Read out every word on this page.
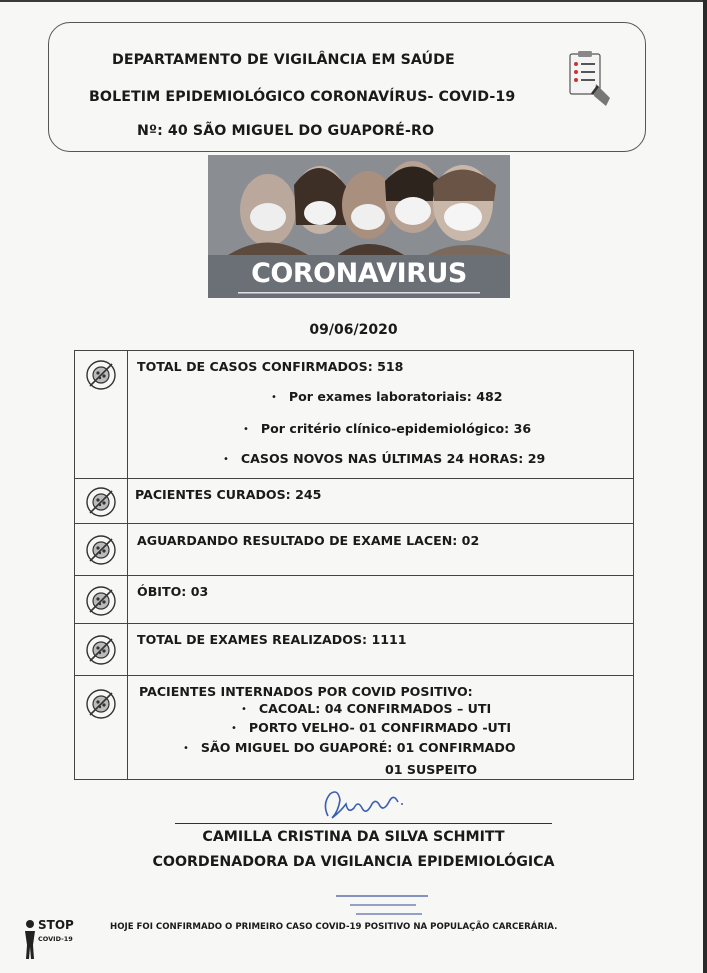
DEPARTAMENTO DE VIGILÂNCIA EM SAÚDE
BOLETIM EPIDEMIOLÓGICO CORONAVÍRUS- COVID-19
Nº: 40 SÃO MIGUEL DO GUAPORÉ-RO
CORONAVIRUS
09/06/2020
TOTAL DE CASOS CONFIRMADOS: 518
• Por exames laboratoriais: 482
• Por critério clínico-epidemiológico: 36
• CASOS NOVOS NAS ÚLTIMAS 24 HORAS: 29
PACIENTES CURADOS: 245
AGUARDANDO RESULTADO DE EXAME LACEN: 02
ÓBITO: 03
TOTAL DE EXAMES REALIZADOS: 1111
PACIENTES INTERNADOS POR COVID POSITIVO:
• CACOAL: 04 CONFIRMADOS – UTI
• PORTO VELHO- 01 CONFIRMADO -UTI
• SÃO MIGUEL DO GUAPORÉ: 01 CONFIRMADO
01 SUSPEITO
CAMILLA CRISTINA DA SILVA SCHMITT
COORDENADORA DA VIGILANCIA EPIDEMIOLÓGICA
STOP
COVID-19
HOJE FOI CONFIRMADO O PRIMEIRO CASO COVID-19 POSITIVO NA POPULAÇÃO CARCERÁRIA.
